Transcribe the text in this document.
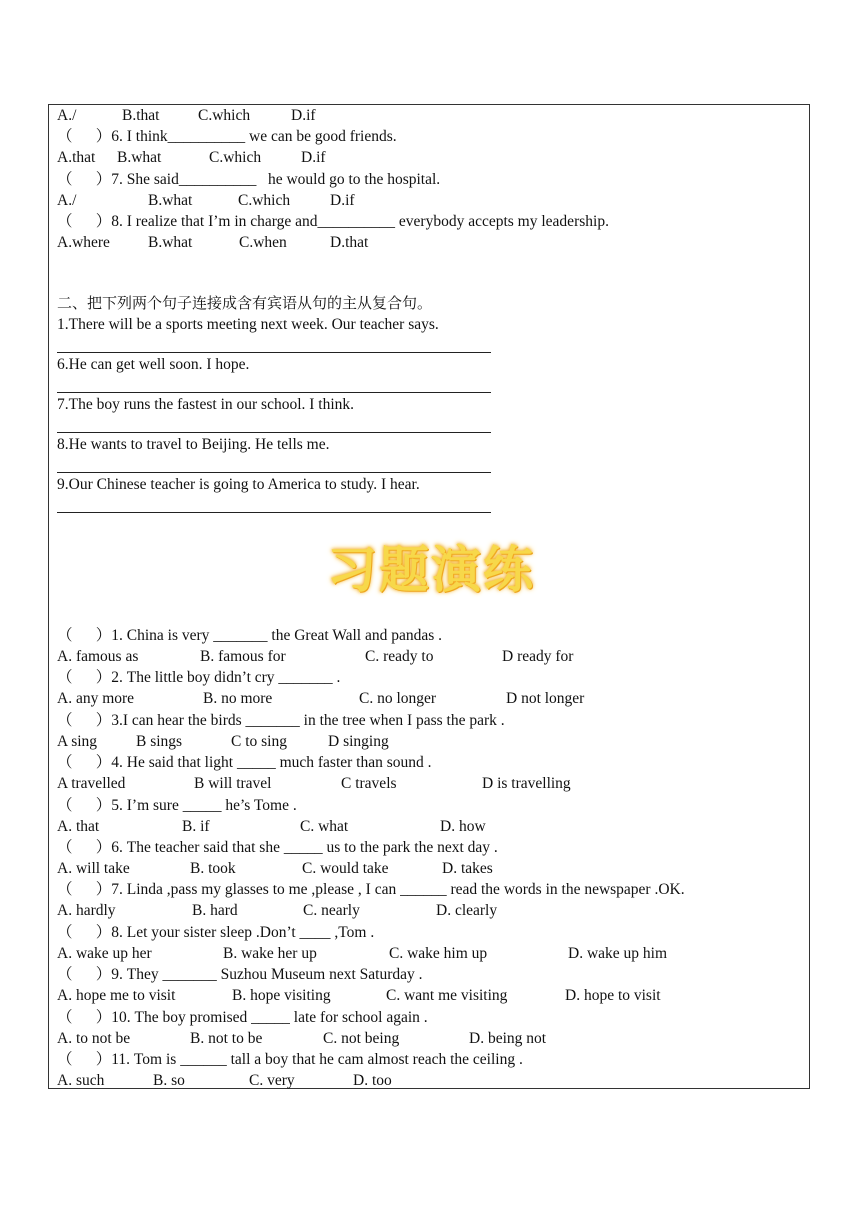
A./	B.that C.which	D.if
（      ）6. I think__________ we can be good friends.
A.that B.what	C.which	D.if
（      ）7. She said__________   he would go to the hospital.
A./	B.what	C.which	D.if
（      ）8. I realize that I’m in charge and__________ everybody accepts my leadership.
A.where B.what	C.when	D.that
二、把下列两个句子连接成含有宾语从句的主从复合句。
1.There will be a sports meeting next week. Our teacher says.
6.He can get well soon. I hope.
7.The boy runs the fastest in our school. I think.
8.He wants to travel to Beijing. He tells me.
9.Our Chinese teacher is going to America to study. I hear.
习题演练
（      ）1. China is very _______ the Great Wall and pandas .
A. famous as	B. famous for	C. ready to	D ready for
（      ）2. The little boy didn’t cry _______ .
A. any more	B. no more	C. no longer	D not longer
（      ）3.I can hear the birds _______ in the tree when I pass the park .
A sing	B sings	C to sing	D singing
（      ）4. He said that light _____ much faster than sound .
A travelled	B will travel	C travels	D is travelling
（      ）5. I’m sure _____ he’s Tome .
A. that	B. if	C. what	D. how
（      ）6. The teacher said that she _____ us to the park the next day .
A. will take	B. took	C. would take	D. takes
（      ）7. Linda ,pass my glasses to me ,please , I can ______ read the words in the newspaper .OK.
A. hardly	B. hard	C. nearly	D. clearly
（      ）8. Let your sister sleep .Don’t ____ ,Tom .
A. wake up her	B. wake her up	C. wake him up	D. wake up him
（      ）9. They _______ Suzhou Museum next Saturday .
A. hope me to visit	B. hope visiting	C. want me visiting	D. hope to visit
（      ）10. The boy promised _____ late for school again .
A. to not be	B. not to be	C. not being	D. being not
（      ）11. Tom is ______ tall a boy that he cam almost reach the ceiling .
A. such	B. so	C. very	D. too
